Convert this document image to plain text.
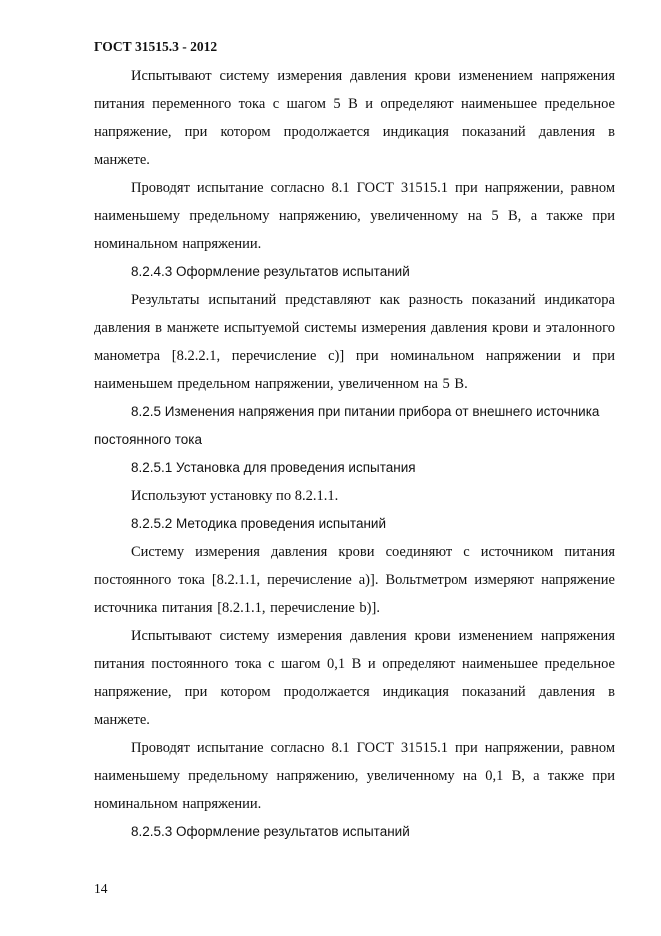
ГОСТ 31515.3 - 2012

Испытывают систему измерения давления крови изменением напряжения питания переменного тока с шагом 5 В и определяют наименьшее предельное напряжение, при котором продолжается индикация показаний давления в манжете.

Проводят испытание согласно 8.1 ГОСТ 31515.1 при напряжении, равном наименьшему предельному напряжению, увеличенному на 5 В, а также при номинальном напряжении.

8.2.4.3 Оформление результатов испытаний

Результаты испытаний представляют как разность показаний индикатора давления в манжете испытуемой системы измерения давления крови и эталонного манометра [8.2.2.1, перечисление c)] при номинальном напряжении и при наименьшем предельном напряжении, увеличенном на 5 В.

8.2.5 Изменения напряжения при питании прибора от внешнего источника постоянного тока

8.2.5.1 Установка для проведения испытания

Используют установку по 8.2.1.1.

8.2.5.2 Методика проведения испытаний

Систему измерения давления крови соединяют с источником питания постоянного тока [8.2.1.1, перечисление a)]. Вольтметром измеряют напряжение источника питания [8.2.1.1, перечисление b)].

Испытывают систему измерения давления крови изменением напряжения питания постоянного тока с шагом 0,1 В и определяют наименьшее предельное напряжение, при котором продолжается индикация показаний давления в манжете.

Проводят испытание согласно 8.1 ГОСТ 31515.1 при напряжении, равном наименьшему предельному напряжению, увеличенному на 0,1 В, а также при номинальном напряжении.

8.2.5.3 Оформление результатов испытаний

14
